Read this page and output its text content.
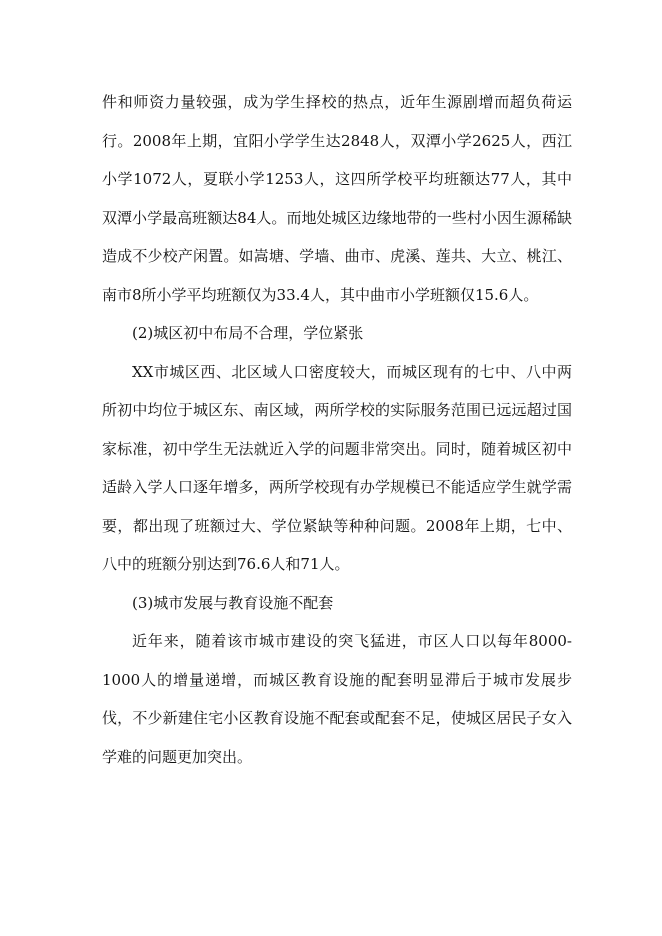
件和师资力量较强，成为学生择校的热点，近年生源剧增而超负荷运行。2008年上期，宜阳小学学生达2848人，双潭小学2625人，西江小学1072人，夏联小学1253人，这四所学校平均班额达77人，其中双潭小学最高班额达84人。而地处城区边缘地带的一些村小因生源稀缺造成不少校产闲置。如嵩塘、学墙、曲市、虎溪、莲共、大立、桃江、南市8所小学平均班额仅为33.4人，其中曲市小学班额仅15.6人。

(2)城区初中布局不合理，学位紧张

XX市城区西、北区域人口密度较大，而城区现有的七中、八中两所初中均位于城区东、南区域，两所学校的实际服务范围已远远超过国家标准，初中学生无法就近入学的问题非常突出。同时，随着城区初中适龄入学人口逐年增多，两所学校现有办学规模已不能适应学生就学需要，都出现了班额过大、学位紧缺等种种问题。2008年上期，七中、八中的班额分别达到76.6人和71人。

(3)城市发展与教育设施不配套

近年来，随着该市城市建设的突飞猛进，市区人口以每年8000-1000人的增量递增，而城区教育设施的配套明显滞后于城市发展步伐，不少新建住宅小区教育设施不配套或配套不足，使城区居民子女入学难的问题更加突出。
